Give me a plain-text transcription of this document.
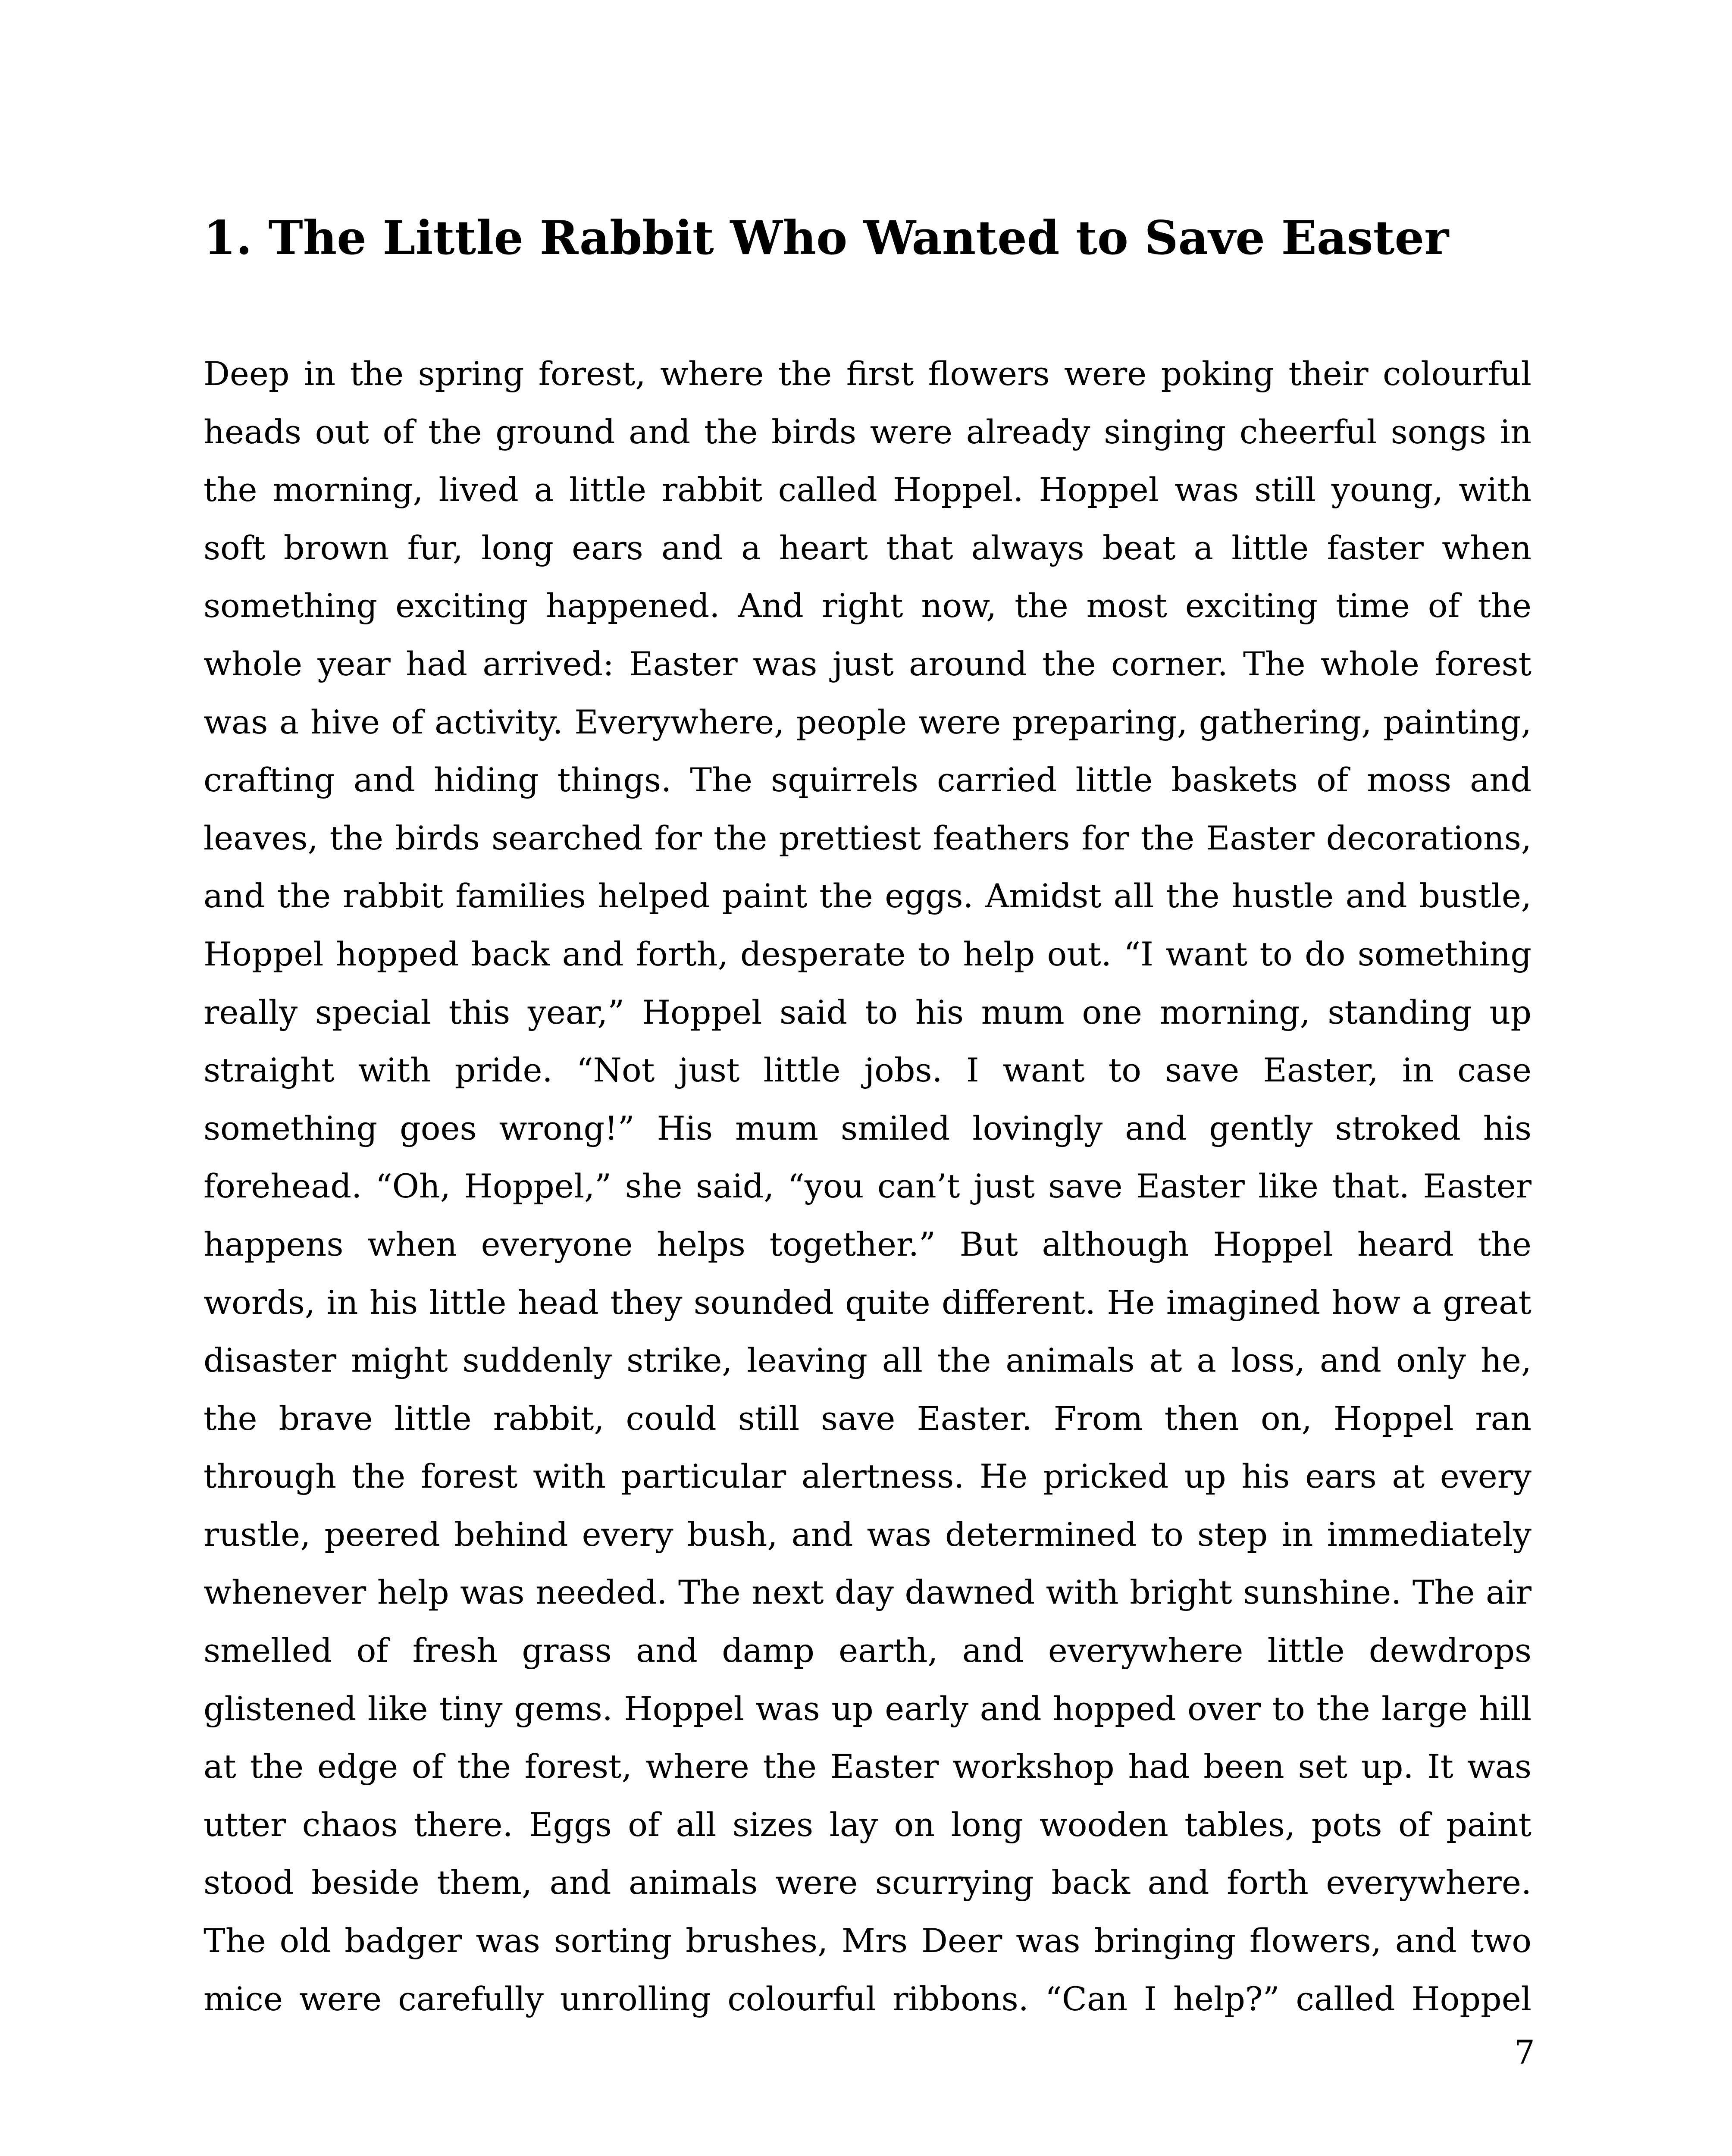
1. The Little Rabbit Who Wanted to Save Easter

Deep in the spring forest, where the first flowers were poking their colourful heads out of the ground and the birds were already singing cheerful songs in the morning, lived a little rabbit called Hoppel. Hoppel was still young, with soft brown fur, long ears and a heart that always beat a little faster when something exciting happened. And right now, the most exciting time of the whole year had arrived: Easter was just around the corner. The whole forest was a hive of activity. Everywhere, people were preparing, gathering, painting, crafting and hiding things. The squirrels carried little baskets of moss and leaves, the birds searched for the prettiest feathers for the Easter decorations, and the rabbit families helped paint the eggs. Amidst all the hustle and bustle, Hoppel hopped back and forth, desperate to help out. “I want to do something really special this year,” Hoppel said to his mum one morning, standing up straight with pride. “Not just little jobs. I want to save Easter, in case something goes wrong!” His mum smiled lovingly and gently stroked his forehead. “Oh, Hoppel,” she said, “you can’t just save Easter like that. Easter happens when everyone helps together.” But although Hoppel heard the words, in his little head they sounded quite different. He imagined how a great disaster might suddenly strike, leaving all the animals at a loss, and only he, the brave little rabbit, could still save Easter. From then on, Hoppel ran through the forest with particular alertness. He pricked up his ears at every rustle, peered behind every bush, and was determined to step in immediately whenever help was needed. The next day dawned with bright sunshine. The air smelled of fresh grass and damp earth, and everywhere little dewdrops glistened like tiny gems. Hoppel was up early and hopped over to the large hill at the edge of the forest, where the Easter workshop had been set up. It was utter chaos there. Eggs of all sizes lay on long wooden tables, pots of paint stood beside them, and animals were scurrying back and forth everywhere. The old badger was sorting brushes, Mrs Deer was bringing flowers, and two mice were carefully unrolling colourful ribbons. “Can I help?” called Hoppel

7
